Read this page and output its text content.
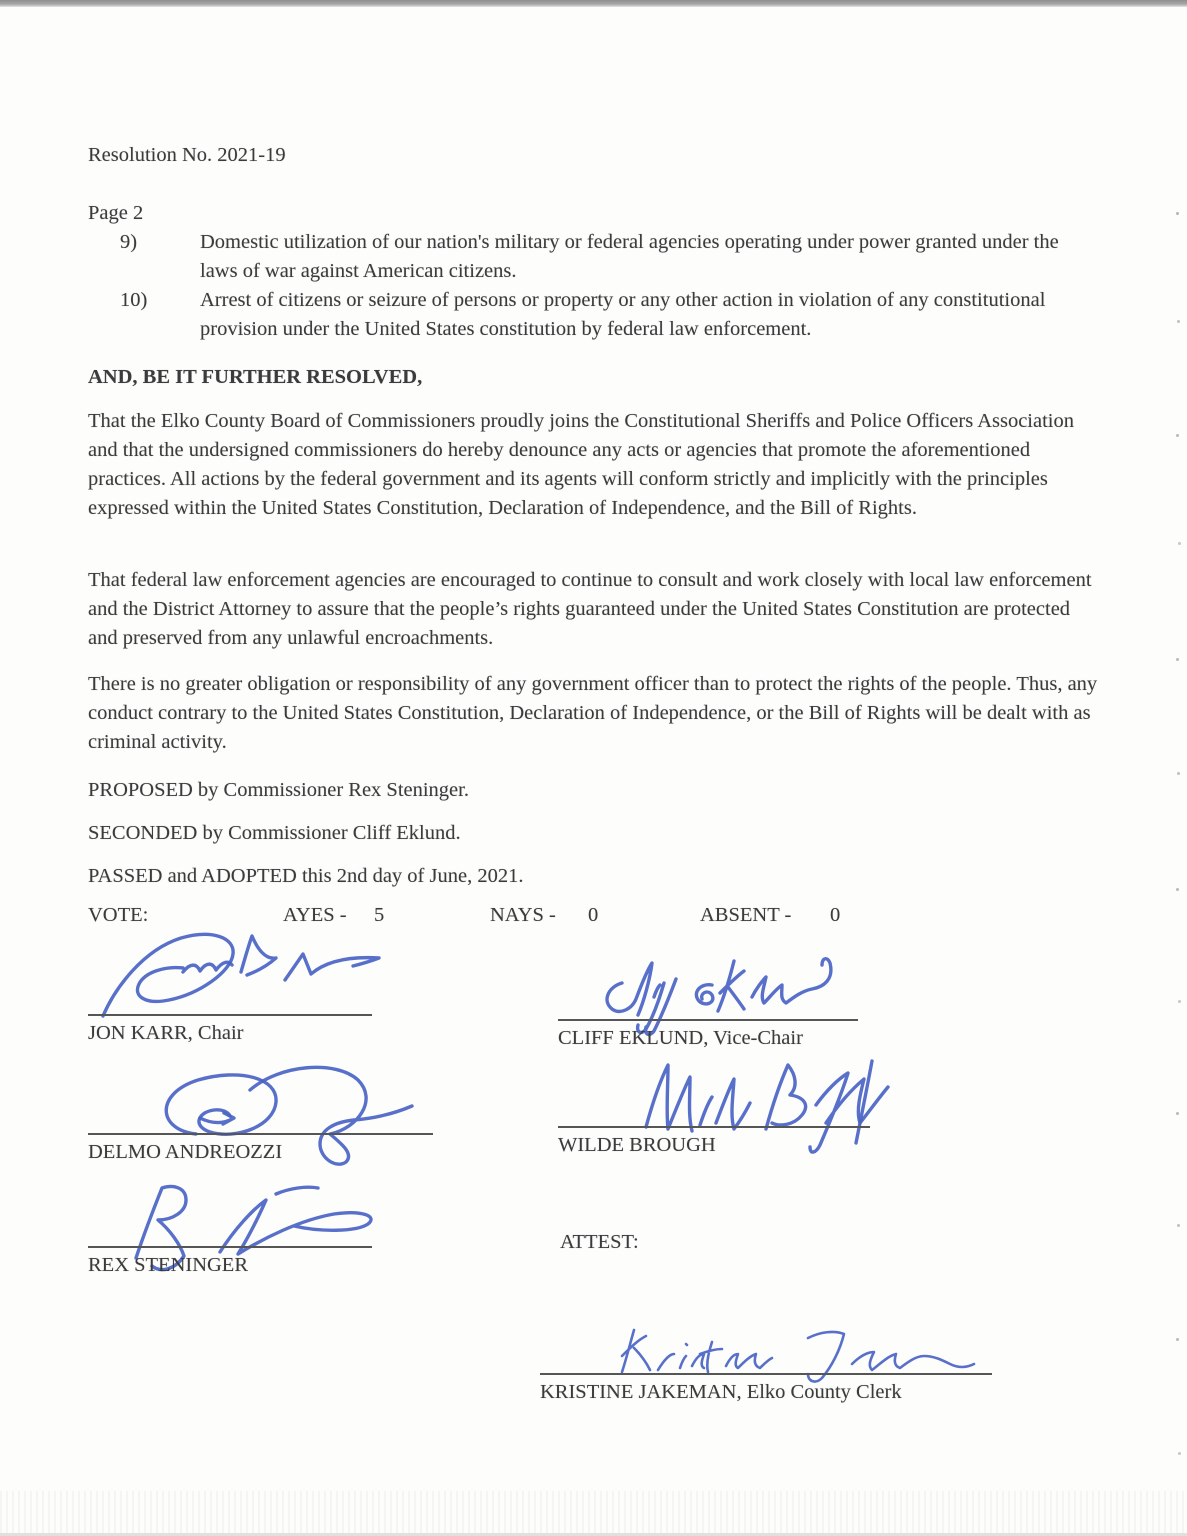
Resolution No. 2021-19

Page 2

9)	Domestic utilization of our nation's military or federal agencies operating under power granted under the laws of war against American citizens.
10)	Arrest of citizens or seizure of persons or property or any other action in violation of any constitutional provision under the United States constitution by federal law enforcement.
AND, BE IT FURTHER RESOLVED,
That the Elko County Board of Commissioners proudly joins the Constitutional Sheriffs and Police Officers Association and that the undersigned commissioners do hereby denounce any acts or agencies that promote the aforementioned practices. All actions by the federal government and its agents will conform strictly and implicitly with the principles expressed within the United States Constitution, Declaration of Independence, and the Bill of Rights.
That federal law enforcement agencies are encouraged to continue to consult and work closely with local law enforcement and the District Attorney to assure that the people’s rights guaranteed under the United States Constitution are protected and preserved from any unlawful encroachments.
There is no greater obligation or responsibility of any government officer than to protect the rights of the people. Thus, any conduct contrary to the United States Constitution, Declaration of Independence, or the Bill of Rights will be dealt with as criminal activity.
PROPOSED by Commissioner Rex Steninger.
SECONDED by Commissioner Cliff Eklund.
PASSED and ADOPTED this 2nd day of June, 2021.
VOTE:	AYES - 5	NAYS - 0	ABSENT - 0
JON KARR, Chair	CLIFF EKLUND, Vice-Chair
DELMO ANDREOZZI	WILDE BROUGH
REX STENINGER
ATTEST:
KRISTINE JAKEMAN, Elko County Clerk
